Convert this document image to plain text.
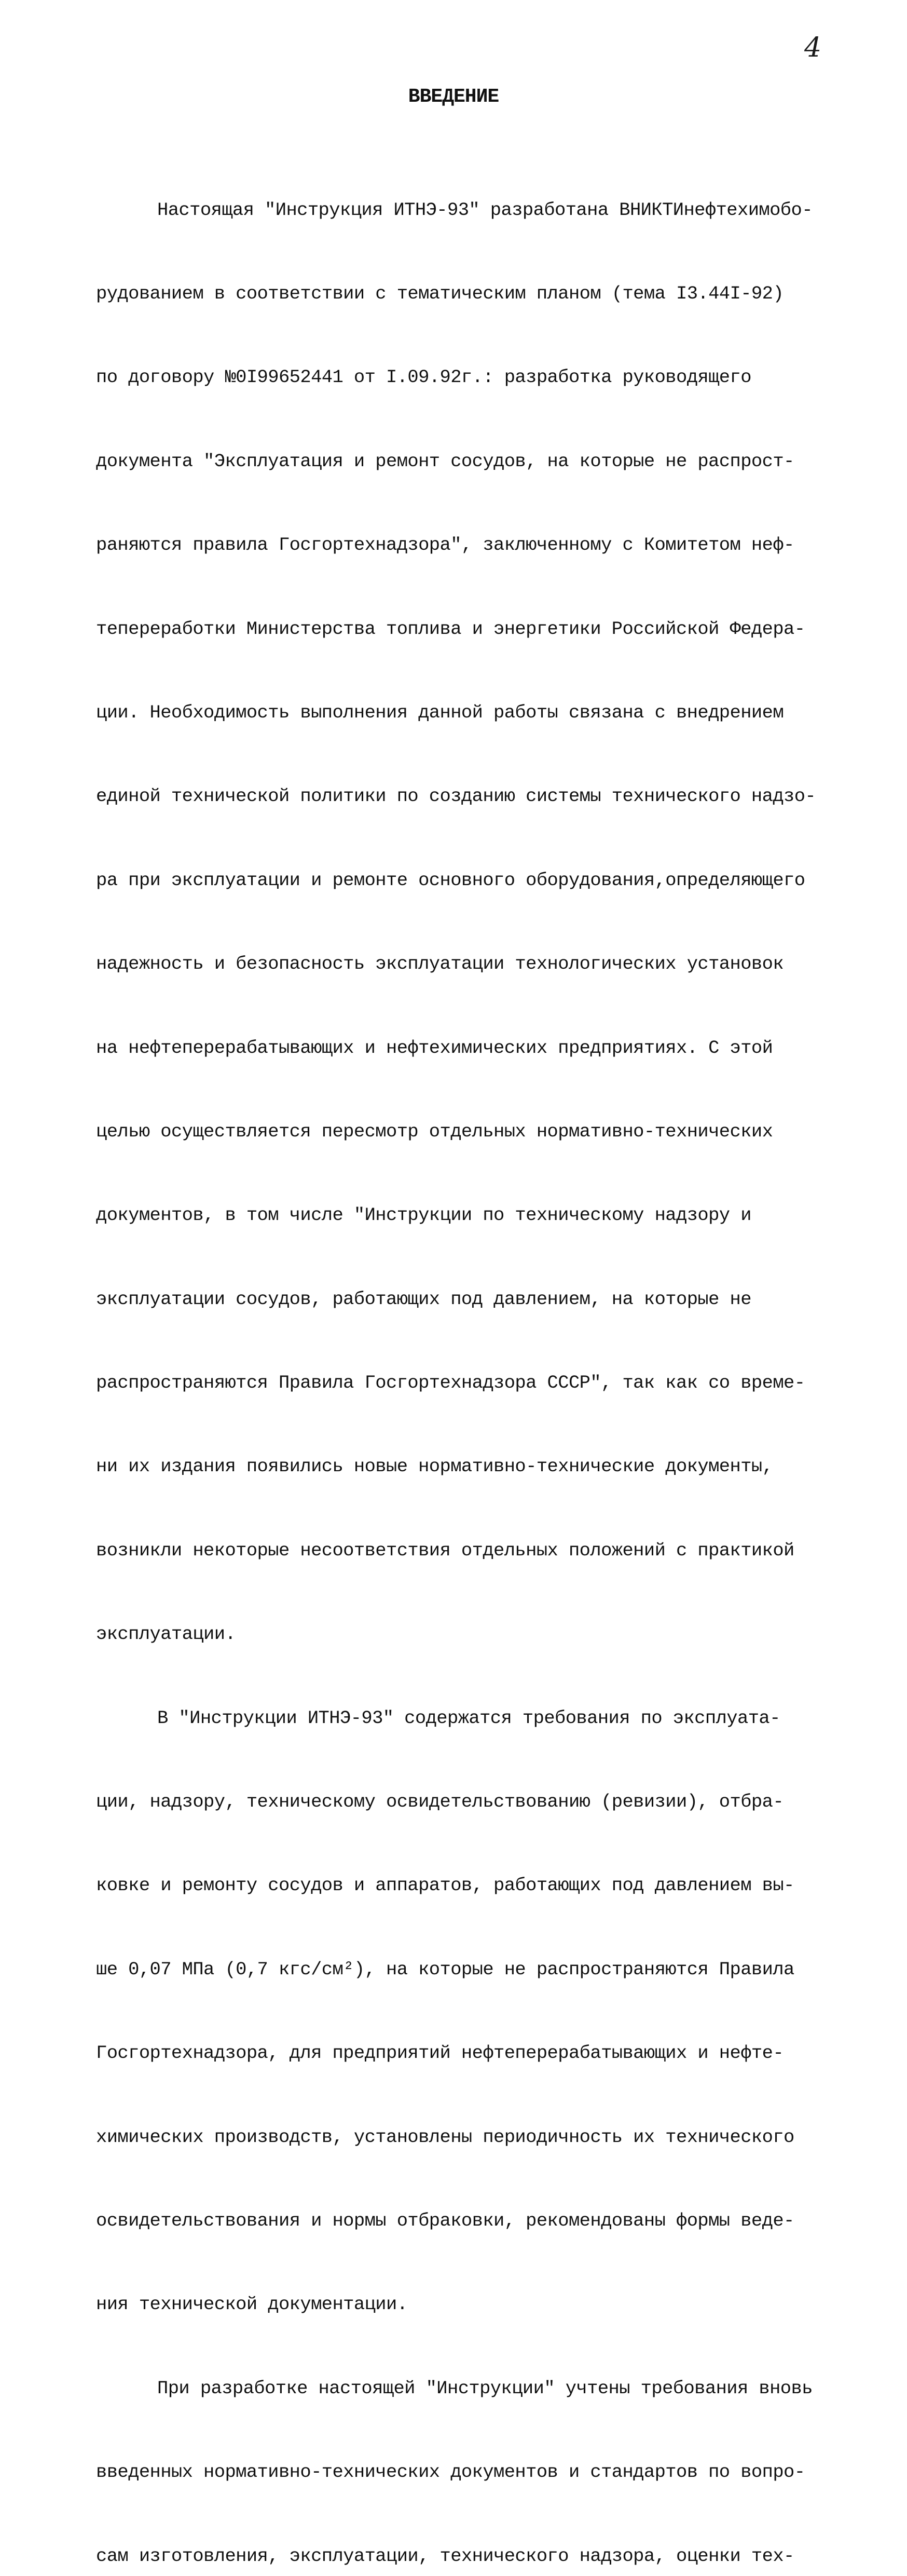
4
ВВЕДЕНИЕ

Настоящая "Инструкция ИТНЭ-93" разработана ВНИКТИнефтехимобо-

рудованием в соответствии с тематическим планом (тема I3.44I-92)

по договору №0I99652441 от I.09.92г.: разработка руководящего

документа "Эксплуатация и ремонт сосудов, на которые не распрост-

раняются правила Госгортехнадзора", заключенному с Комитетом неф-

тепереработки Министерства топлива и энергетики Российской Федера-

ции. Необходимость выполнения данной работы связана с внедрением

единой технической политики по созданию системы технического надзо-

ра при эксплуатации и ремонте основного оборудования,определяющего

надежность и безопасность эксплуатации технологических установок

на нефтеперерабатывающих и нефтехимических предприятиях. С этой

целью осуществляется пересмотр отдельных нормативно-технических

документов, в том числе "Инструкции по техническому надзору и

эксплуатации сосудов, работающих под давлением, на которые не

распространяются Правила Госгортехнадзора СССР", так как со време-

ни их издания появились новые нормативно-технические документы,

возникли некоторые несоответствия отдельных положений с практикой

эксплуатации.

В "Инструкции ИТНЭ-93" содержатся требования по эксплуата-

ции, надзору, техническому освидетельствованию (ревизии), отбра-

ковке и ремонту сосудов и аппаратов, работающих под давлением вы-

ше 0,07 МПа (0,7 кгс/см²), на которые не распространяются Правила

Госгортехнадзора, для предприятий нефтеперерабатывающих и нефте-

химических производств, установлены периодичность их технического

освидетельствования и нормы отбраковки, рекомендованы формы веде-

ния технической документации.

При разработке настоящей "Инструкции" учтены требования вновь

введенных нормативно-технических документов и стандартов по вопро-

сам изготовления, эксплуатации, технического надзора, оценки тех-
